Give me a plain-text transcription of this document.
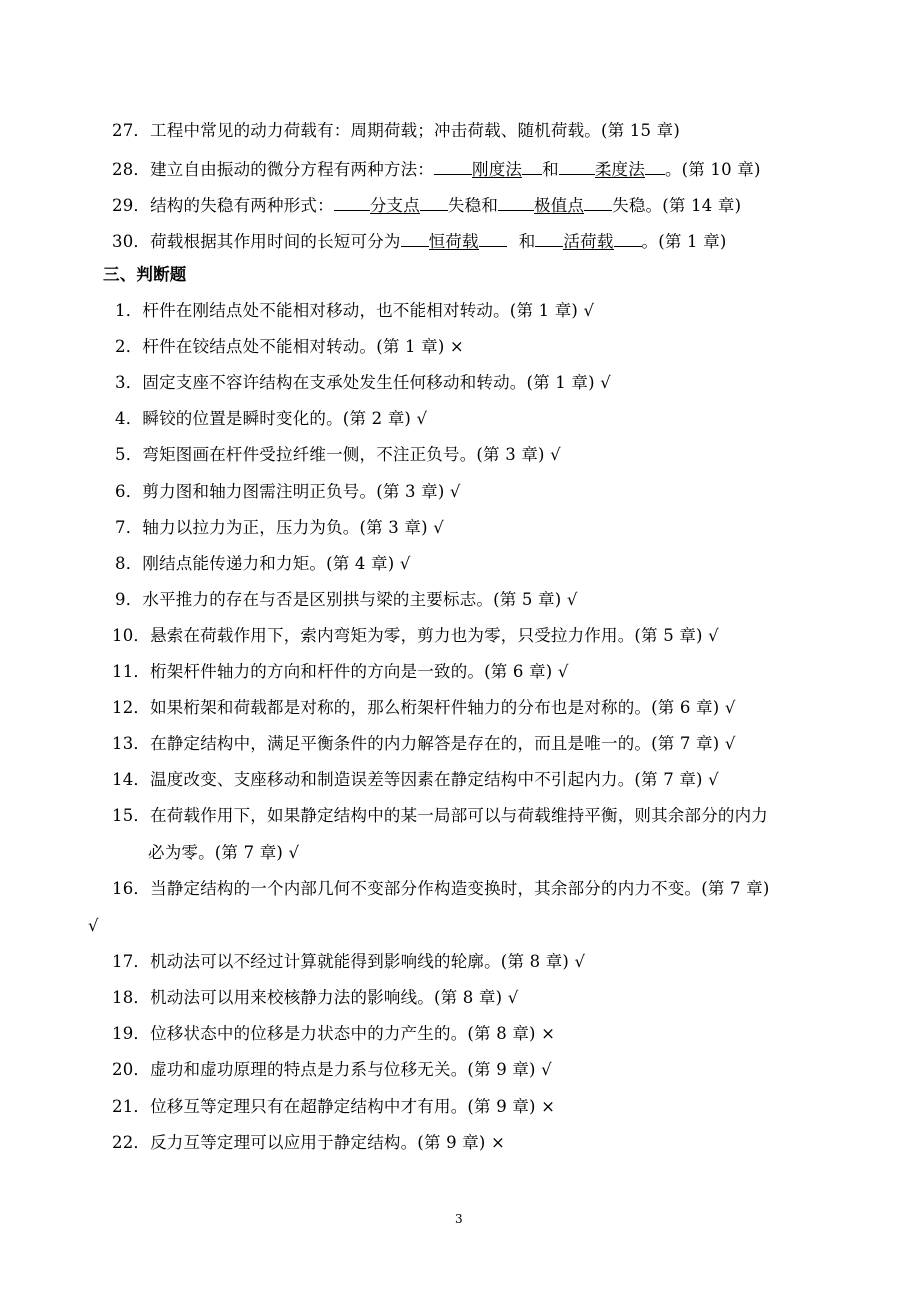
27．工程中常见的动力荷载有：周期荷载；冲击荷载、随机荷载。(第 15 章)
28．建立自由振动的微分方程有两种方法： 刚度法 和 柔度法 。(第 10 章)
29．结构的失稳有两种形式： 分支点 失稳和 极值点 失稳。(第 14 章)
30．荷载根据其作用时间的长短可分为 恒荷载 和 活荷载 。(第 1 章)
三、判断题
1．杆件在刚结点处不能相对移动，也不能相对转动。(第 1 章) √
2．杆件在铰结点处不能相对转动。(第 1 章) ×
3．固定支座不容许结构在支承处发生任何移动和转动。(第 1 章) √
4．瞬铰的位置是瞬时变化的。(第 2 章) √
5．弯矩图画在杆件受拉纤维一侧，不注正负号。(第 3 章) √
6．剪力图和轴力图需注明正负号。(第 3 章) √
7．轴力以拉力为正，压力为负。(第 3 章) √
8．刚结点能传递力和力矩。(第 4 章) √
9．水平推力的存在与否是区别拱与梁的主要标志。(第 5 章) √
10．悬索在荷载作用下，索内弯矩为零，剪力也为零，只受拉力作用。(第 5 章) √
11．桁架杆件轴力的方向和杆件的方向是一致的。(第 6 章) √
12．如果桁架和荷载都是对称的，那么桁架杆件轴力的分布也是对称的。(第 6 章) √
13．在静定结构中，满足平衡条件的内力解答是存在的，而且是唯一的。(第 7 章) √
14．温度改变、支座移动和制造误差等因素在静定结构中不引起内力。(第 7 章) √
15．在荷载作用下，如果静定结构中的某一局部可以与荷载维持平衡，则其余部分的内力
必为零。(第 7 章) √
16．当静定结构的一个内部几何不变部分作构造变换时，其余部分的内力不变。(第 7 章)
√
17．机动法可以不经过计算就能得到影响线的轮廓。(第 8 章) √
18．机动法可以用来校核静力法的影响线。(第 8 章) √
19．位移状态中的位移是力状态中的力产生的。(第 8 章) ×
20．虚功和虚功原理的特点是力系与位移无关。(第 9 章) √
21．位移互等定理只有在超静定结构中才有用。(第 9 章) ×
22．反力互等定理可以应用于静定结构。(第 9 章) ×
3
